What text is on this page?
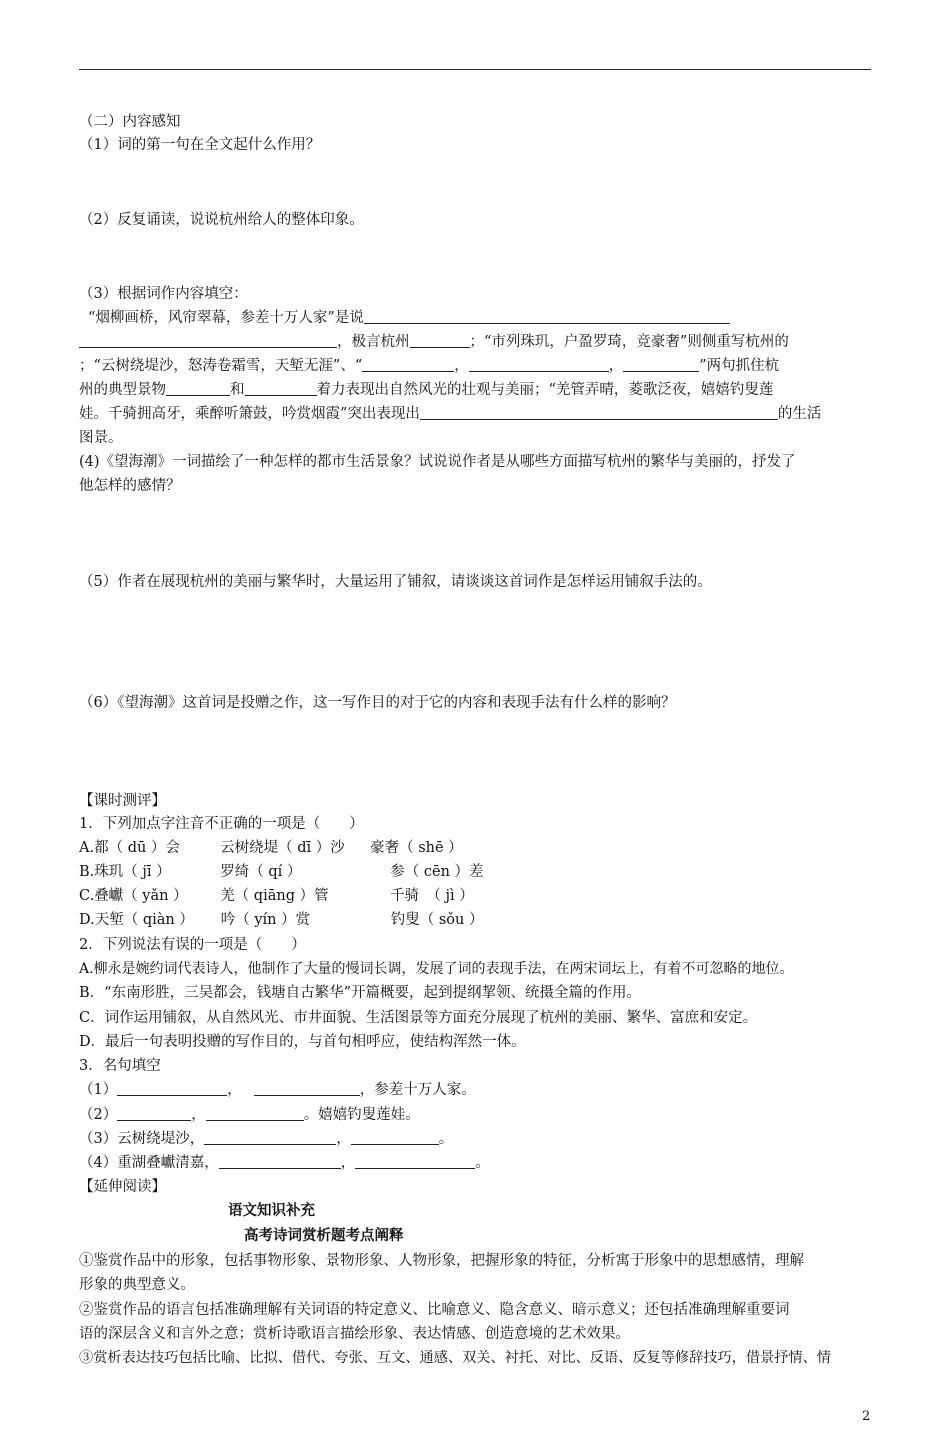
（二）内容感知
（1）词的第一句在全文起什么作用？
（2）反复诵读，说说杭州给人的整体印象。
（3）根据词作内容填空：
“烟柳画桥，风帘翠幕，参差十万人家”是说
，极言杭州	；“市列珠玑，户盈罗琦，竞豪奢”则侧重写杭州的
；“云树绕堤沙，怒涛卷霜雪，天堑无涯”、“	，	，	”两句抓住杭
州的典型景物	和	着力表现出自然风光的壮观与美丽；“羌管弄晴，菱歌泛夜，嬉嬉钓叟莲
娃。千骑拥高牙，乘醉听箫鼓，吟赏烟霞”突出表现出	的生活
图景。
(4)《望海潮》一词描绘了一种怎样的都市生活景象？试说说作者是从哪些方面描写杭州的繁华与美丽的，抒发了
他怎样的感情？
（5）作者在展现杭州的美丽与繁华时，大量运用了铺叙，请谈谈这首词作是怎样运用铺叙手法的。
（6）《望海潮》这首词是投赠之作，这一写作目的对于它的内容和表现手法有什么样的影响？
【课时测评】
1．下列加点字注音不正确的一项是（　　）
A.都（ dū ）会	云树绕堤（ dī ）沙 豪奢（ shē ）
B.珠玑（ jī ）	罗绮（ qí ）	参（ cēn ）差
C.叠巘（ yǎn ） 羌（ qiāng ）管	千骑　（ jì ）
D.天堑（ qiàn ） 吟（ yín ）赏	钓叟（ sǒu ）
2．下列说法有误的一项是（　　）
A.柳永是婉约词代表诗人，他制作了大量的慢词长调，发展了词的表现手法，在两宋词坛上，有着不可忽略的地位。
B．“东南形胜，三吴都会，钱塘自古繁华”开篇概要，起到提纲挈领、统摄全篇的作用。
C．词作运用铺叙，从自然风光、市井面貌、生活图景等方面充分展现了杭州的美丽、繁华、富庶和安定。
D．最后一句表明投赠的写作目的，与首句相呼应，使结构浑然一体。
3．名句填空
（1）	，	，参差十万人家。
（2）	，	。嬉嬉钓叟莲娃。
（3）云树绕堤沙，	，	。
（4）重湖叠巘清嘉，	，	。
【延伸阅读】
语文知识补充
高考诗词赏析题考点阐释
①鉴赏作品中的形象，包括事物形象、景物形象、人物形象，把握形象的特征，分析寓于形象中的思想感情，理解
形象的典型意义。
②鉴赏作品的语言包括准确理解有关词语的特定意义、比喻意义、隐含意义、暗示意义；还包括准确理解重要词
语的深层含义和言外之意；赏析诗歌语言描绘形象、表达情感、创造意境的艺术效果。
③赏析表达技巧包括比喻、比拟、借代、夸张、互文、通感、双关、衬托、对比、反语、反复等修辞技巧，借景抒情、情
2
